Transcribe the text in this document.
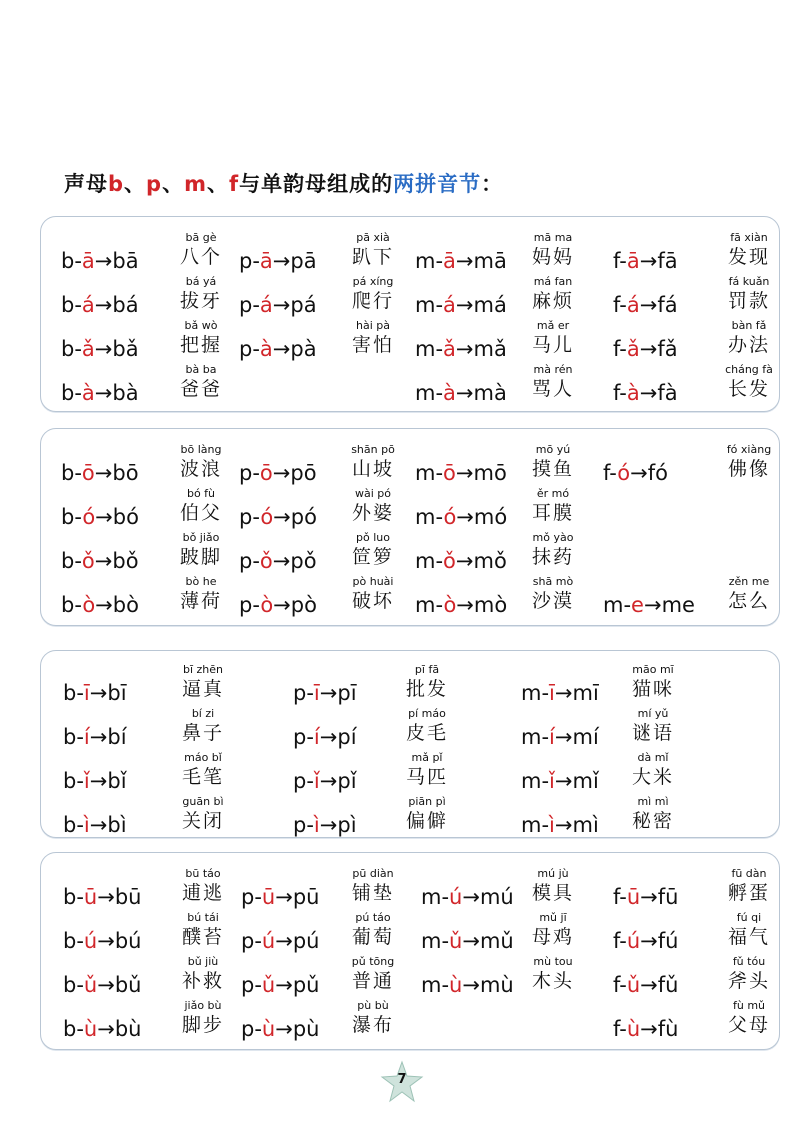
声母b、p、m、f与单韵母组成的两拼音节：
b-ā→bā
bā gè
八个
b-á→bá
bá yá
拔牙
b-ǎ→bǎ
bǎ wò
把握
b-à→bà
bà ba
爸爸
p-ā→pā
pā xià
趴下
p-á→pá
pá xíng
爬行
p-à→pà
hài pà
害怕
m-ā→mā
mā ma
妈妈
m-á→má
má fan
麻烦
m-ǎ→mǎ
mǎ er
马儿
m-à→mà
mà rén
骂人
f-ā→fā
fā xiàn
发现
f-á→fá
fá kuǎn
罚款
f-ǎ→fǎ
bàn fǎ
办法
f-à→fà
cháng fà
长发
b-ō→bō
bō làng
波浪
b-ó→bó
bó fù
伯父
b-ǒ→bǒ
bǒ jiǎo
跛脚
b-ò→bò
bò he
薄荷
p-ō→pō
shān pō
山坡
p-ó→pó
wài pó
外婆
p-ǒ→pǒ
pǒ luo
笸箩
p-ò→pò
pò huài
破坏
m-ō→mō
mō yú
摸鱼
m-ó→mó
ěr mó
耳膜
m-ǒ→mǒ
mǒ yào
抹药
m-ò→mò
shā mò
沙漠
f-ó→fó
fó xiàng
佛像
m-e→me
zěn me
怎么
b-ī→bī
bī zhēn
逼真
b-í→bí
bí zi
鼻子
b-ǐ→bǐ
máo bǐ
毛笔
b-ì→bì
guān bì
关闭
p-ī→pī
pī fā
批发
p-í→pí
pí máo
皮毛
p-ǐ→pǐ
mǎ pǐ
马匹
p-ì→pì
piān pì
偏僻
m-ī→mī
māo mī
猫咪
m-í→mí
mí yǔ
谜语
m-ǐ→mǐ
dà mǐ
大米
m-ì→mì
mì mì
秘密
b-ū→bū
bū táo
逋逃
b-ú→bú
bú tái
醭苔
b-ǔ→bǔ
bǔ jiù
补救
b-ù→bù
jiǎo bù
脚步
p-ū→pū
pū diàn
铺垫
p-ú→pú
pú táo
葡萄
p-ǔ→pǔ
pǔ tōng
普通
p-ù→pù
pù bù
瀑布
m-ú→mú
mú jù
模具
m-ǔ→mǔ
mǔ jī
母鸡
m-ù→mù
mù tou
木头
f-ū→fū
fū dàn
孵蛋
f-ú→fú
fú qi
福气
f-ǔ→fǔ
fǔ tóu
斧头
f-ù→fù
fù mǔ
父母
7
